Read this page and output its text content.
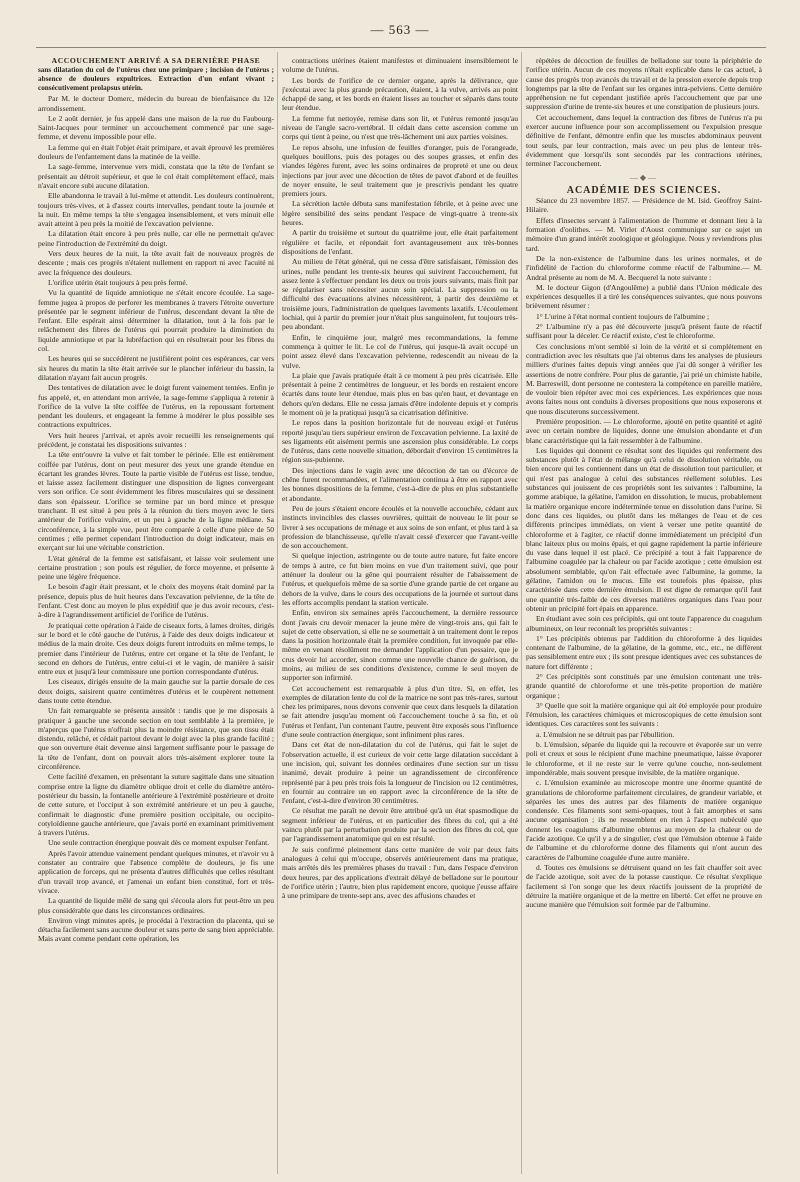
— 563 —

ACCOUCHEMENT ARRIVÉ A SA DERNIÈRE PHASE

sans dilatation du col de l'utérus chez une primipare ; incision de l'utérus ; absence de douleurs expultrices. Extraction d'un enfant vivant ; consécutivement prolapsus utérin.

Par M. le docteur Domerc, médecin du bureau de bienfaisance du 12e arrondissement.

Le 2 août dernier, je fus appelé dans une maison de la rue du Faubourg-Saint-Jacques pour terminer un accouchement commencé par une sage-femme, et devenu impossible pour elle.

La femme qui en était l'objet était primipare, et avait éprouvé les premières douleurs de l'enfantement dans la matinée de la veille.

La sage-femme, intervenue vers midi, constata que la tête de l'enfant se présentait au détroit supérieur, et que le col était complètement effacé, mais n'avait encore subi aucune dilatation.

Elle abandonna le travail à lui-même et attendit. Les douleurs continuèrent, toujours très-vives, et à d'assez courts intervalles, pendant toute la journée et la nuit. En même temps la tête s'engagea insensiblement, et vers minuit elle avait atteint à peu près la moitié de l'excavation pelvienne.

La dilatation était encore à peu près nulle, car elle ne permettait qu'avec peine l'introduction de l'extrémité du doigt.

Vers deux heures de la nuit, la tête avait fait de nouveaux progrès de descente ; mais ces progrès n'étaient nullement en rapport ni avec l'acuité ni avec la fréquence des douleurs.

L'orifice utérin était toujours à peu près fermé.

Vu la quantité de liquide amniotique ne s'était encore écoulée. La sage-femme jugea à propos de perforer les membranes à travers l'étroite ouverture présentée par le segment inférieur de l'utérus, descendant devant la tête de l'enfant. Elle espérait ainsi déterminer la dilatation, tout à la fois par le relâchement des fibres de l'utérus qui pourrait produire la diminution du liquide amniotique et par la lubréfaction qui en résulterait pour les fibres du col.

Les heures qui se succédèrent ne justifièrent point ces espérances, car vers six heures du matin la tête était arrivée sur le plancher inférieur du bassin, la dilatation n'ayant fait aucun progrès.

Des tentatives de dilatation avec le doigt furent vainement tentées. Enfin je fus appelé, et, en attendant mon arrivée, la sage-femme s'appliqua à retenir à l'orifice de la vulve la tête coiffée de l'utérus, en la repoussant fortement pendant les douleurs, et engageant la femme à modérer le plus possible ses contractions expultrices.

Vers huit heures j'arrivai, et après avoir recueilli les renseignements qui précèdent, je constatai les dispositions suivantes :

La tête entr'ouvre la vulve et fait tomber le périnée. Elle est entièrement coiffée par l'utérus, dont on peut mesurer des yeux une grande étendue en écartant les grandes lèvres. Toute la partie visible de l'utérus est lisse, tendue, et laisse assez facilement distinguer une disposition de lignes convergeant vers son orifice. Ce sont évidemment les fibres musculaires qui se dessinent dans son épaisseur. L'orifice se termine par un bord mince et presque tranchant. Il est situé à peu près à la réunion du tiers moyen avec le tiers antérieur de l'orifice vulvaire, et un peu à gauche de la ligne médiane. Sa circonférence, à la simple vue, peut être comparée à celle d'une pièce de 50 centimes ; elle permet cependant l'introduction du doigt indicateur, mais en exerçant sur lui une véritable constriction.

L'état général de la femme est satisfaisant, et laisse voir seulement une certaine prostration ; son pouls est régulier, de force moyenne, et présente à peine une légère fréquence.

Le besoin d'agir était pressant, et le choix des moyens était dominé par la présence, depuis plus de huit heures dans l'excavation pelvienne, de la tête de l'enfant. C'est donc au moyen le plus expéditif que je dus avoir recours, c'est-à-dire à l'agrandissement artificiel de l'orifice de l'utérus.

Je pratiquai cette opération à l'aide de ciseaux forts, à lames droites, dirigés sur le bord et le côté gauche de l'utérus, à l'aide des deux doigts indicateur et médius de la main droite. Ces deux doigts furent introduits en même temps, le premier dans l'intérieur de l'utérus, entre cet organe et la tête de l'enfant, le second en dehors de l'utérus, entre celui-ci et le vagin, de manière à saisir entre eux et jusqu'à leur commissure une portion correspondante d'utérus.

Les ciseaux, dirigés ensuite de la main gauche sur la partie dorsale de ces deux doigts, saisirent quatre centimètres d'utérus et le coupèrent nettement dans toute cette étendue.

Un fait remarquable se présenta aussitôt : tandis que je me disposais à pratiquer à gauche une seconde section en tout semblable à la première, je m'aperçus que l'utérus n'offrait plus la moindre résistance, que son tissu était distendu, relâché, et cédait partout devant le doigt avec la plus grande facilité ; que son ouverture était devenue ainsi largement suffisante pour le passage de la tête de l'enfant, dont on pouvait alors très-aisément explorer toute la circonférence.

Cette facilité d'examen, en présentant la suture sagittale dans une situation comprise entre la ligne du diamètre oblique droit et celle du diamètre antéro-postérieur du bassin, la fontanelle antérieure à l'extrémité postérieure et droite de cette suture, et l'occiput à son extrémité antérieure et un peu à gauche, confirmait le diagnostic d'une première position occipitale, ou occipito-cotyloïdienne gauche antérieure, que j'avais porté en examinant primitivement à travers l'utérus.

Une seule contraction énergique pouvait dès ce moment expulser l'enfant.

Après l'avoir attendue vainement pendant quelques minutes, et n'avoir vu à constater au contraire que l'absence complète de douleurs, je fis une application de forceps, qui ne présenta d'autres difficultés que celles résultant d'un travail trop avancé, et j'amenai un enfant bien constitué, fort et très-vivace.

La quantité de liquide mêlé de sang qui s'écoula alors fut peut-être un peu plus considérable que dans les circonstances ordinaires.

Environ vingt minutes après, je procédai à l'extraction du placenta, qui se détacha facilement sans aucune douleur et sans perte de sang bien appréciable. Mais avant comme pendant cette opération, les

contractions utérines étaient manifestes et diminuaient insensiblement le volume de l'utérus.

Les bords de l'orifice de ce dernier organe, après la délivrance, que j'exécutai avec la plus grande précaution, étaient, à la vulve, arrivés au point échappé de sang, et les bords en étaient lisses au toucher et séparés dans toute leur étendue.

La femme fut nettoyée, remise dans son lit, et l'utérus remonté jusqu'au niveau de l'angle sacro-vertébral. Il cédait dans cette ascension comme un corps qui tient à peine, ou n'est que très-lâchement uni aux parties voisines.

Le repos absolu, une infusion de feuilles d'oranger, puis de l'orangeade, quelques bouillons, puis des potages ou des soupes grasses, et enfin des viandes légères furent, avec les soins ordinaires de propreté et une ou deux injections par jour avec une décoction de têtes de pavot d'abord et de feuilles de noyer ensuite, le seul traitement que je prescrivis pendant les quatre premiers jours.

La sécrétion lactée débuta sans manifestation fébrile, et à peine avec une légère sensibilité des seins pendant l'espace de vingt-quatre à trente-six heures.

A partir du troisième et surtout du quatrième jour, elle était parfaitement régulière et facile, et répondait fort avantageusement aux très-bonnes dispositions de l'enfant.

Au milieu de l'état général, qui ne cessa d'être satisfaisant, l'émission des urines, nulle pendant les trente-six heures qui suivirent l'accouchement, fut assez lente à s'effectuer pendant les deux ou trois jours suivants, mais finit par se régulariser sans nécessiter aucun soin spécial. La suppression ou la difficulté des évacuations alvines nécessitèrent, à partir des deuxième et troisième jours, l'administration de quelques lavements laxatifs. L'écoulement lochial, qui à partir du premier jour n'était plus sanguinolent, fut toujours très-peu abondant.

Enfin, le cinquième jour, malgré mes recommandations, la femme commença à quitter le lit. Le col de l'utérus, qui jusque-là avait occupé un point assez élevé dans l'excavation pelvienne, redescendit au niveau de la vulve.

La plaie que j'avais pratiquée était à ce moment à peu près cicatrisée. Elle présentait à peine 2 centimètres de longueur, et les bords en restaient encore écartés dans toute leur étendue, mais plus en bas qu'en haut, et devantage en dehors qu'en dedans. Elle ne cessa jamais d'être indolente depuis et y compris le moment où je la pratiquai jusqu'à sa cicatrisation définitive.

Le repos dans la position horizontale fut de nouveau exigé et l'utérus reporté jusqu'au tiers supérieur environ de l'excavation pelvienne. La laxité de ses ligaments eût aisément permis une ascension plus considérable. Le corps de l'utérus, dans cette nouvelle situation, débordait d'environ 15 centimètres la région sus-pubienne.

Des injections dans le vagin avec une décoction de tan ou d'écorce de chêne furent recommandées, et l'alimentation continua à être en rapport avec les bonnes dispositions de la femme, c'est-à-dire de plus en plus substantielle et abondante.

Peu de jours s'étaient encore écoulés et la nouvelle accouchée, cédant aux instincts invincibles des classes ouvrières, quittait de nouveau le lit pour se livrer à ses occupations de ménage et aux soins de son enfant, et plus tard à sa profession de blanchisseuse, qu'elle n'avait cessé d'exercer que l'avant-veille de son accouchement.

Si quelque injection, astringente ou de toute autre nature, fut faite encore de temps à autre, ce fut bien moins en vue d'un traitement suivi, que pour atténuer la douleur ou la gêne qui pourraient résulter de l'abaissement de l'utérus, et quelquefois même de sa sortie d'une grande partie de cet organe au dehors de la vulve, dans le cours des occupations de la journée et surtout dans les efforts accomplis pendant la station verticale.

Enfin, environ six semaines après l'accouchement, la dernière ressource dont j'avais cru devoir menacer la jeune mère de vingt-trois ans, qui fait le sujet de cette observation, si elle ne se soumettait à un traitement dont le repos dans la position horizontale était la première condition, fut invoquée par elle-même en venant résolûment me demander l'application d'un pessaire, que je crus devoir lui accorder, sinon comme une nouvelle chance de guérison, du moins, au milieu de ses conditions d'existence, comme le seul moyen de supporter son infirmité.

Cet accouchement est remarquable à plus d'un titre. Si, en effet, les exemples de dilatation lente du col de la matrice ne sont pas très-rares, surtout chez les primipares, nous devons convenir que ceux dans lesquels la dilatation se fait attendre jusqu'au moment où l'accouchement touche à sa fin, et où l'utérus et l'enfant, l'un contenant l'autre, peuvent être exposés sous l'influence d'une seule contraction énergique, sont infiniment plus rares.

Dans cet état de non-dilatation du col de l'utérus, qui fait le sujet de l'observation actuelle, il est curieux de voir cette large dilatation succédant à une incision, qui, suivant les données ordinaires d'une section sur un tissu inanimé, devait produire à peine un agrandissement de circonférence représenté par à peu près trois fois la longueur de l'incision ou 12 centimètres, en fournir au contraire un en rapport avec la circonférence de la tête de l'enfant, c'est-à-dire d'environ 30 centimètres.

Ce résultat me paraît ne devoir être attribué qu'à un état spasmodique du segment inférieur de l'utérus, et en particulier des fibres du col, qui a été vaincu plutôt par la perturbation produite par la section des fibres du col, que par l'agrandissement anatomique qui en est résulté.

Je suis confirmé pleinement dans cette manière de voir par deux faits analogues à celui qui m'occupe, observés antérieurement dans ma pratique, mais arrêtés dès les premières phases du travail : l'un, dans l'espace d'environ deux heures, par des applications d'extrait délayé de belladone sur le pourtour de l'orifice utérin ; l'autre, bien plus rapidement encore, quoique j'eusse affaire à une primipare de trente-sept ans, avec des affusions chaudes et

répétées de décoction de feuilles de belladone sur toute la périphérie de l'orifice utérin. Aucun de ces moyens n'était explicable dans le cas actuel, à cause des progrès trop avancés du travail et de la pression exercée depuis trop longtemps par la tête de l'enfant sur les organes intra-pelviens. Cette dernière appréhension ne fut cependant justifiée après l'accouchement que par une suppression d'urine de trente-six heures et une constipation de plusieurs jours.

Cet accouchement, dans lequel la contraction des fibres de l'utérus n'a pu exercer aucune influence pour son accomplissement ou l'expulsion presque définitive de l'enfant, démontre enfin que les muscles abdominaux peuvent tout seuls, par leur contraction, mais avec un peu plus de lenteur très-évidemment que lorsqu'ils sont secondés par les contractions utérines, terminer l'accouchement.

—◆—

ACADÉMIE DES SCIENCES.

Séance du 23 novembre 1857. — Présidence de M. Isid. Geoffroy Saint-Hilaire.

Effets d'insectes servant à l'alimentation de l'homme et donnant lieu à la formation d'oolithes. — M. Virlet d'Aoust communique sur ce sujet un mémoire d'un grand intérêt zoologique et géologique. Nous y reviendrons plus tard.

De la non-existence de l'albumine dans les urines normales, et de l'infidélité de l'action du chloroforme comme réactif de l'albumine.— M. Andral présente au nom de M. A. Becquerel la note suivante :

M. le docteur Gigon (d'Angoulême) a publié dans l'Union médicale des expériences desquelles il a tiré les conséquences suivantes, que nous pouvons brièvement résumer :

1° L'urine à l'état normal contient toujours de l'albumine ;

2° L'albumine n'y a pas été découverte jusqu'à présent faute de réactif suffisant pour la déceler. Ce réactif existe, c'est le chloroforme.

Ces conclusions m'ont semblé si loin de la vérité et si complétement en contradiction avec les résultats que j'ai obtenus dans les analyses de plusieurs milliers d'urines faites depuis vingt années que j'ai dû songer à vérifier les assertions de notre confrère. Pour plus de garantie, j'ai prié un chimiste habile, M. Barreswill, dont personne ne contestera la compétence en pareille matière, de vouloir bien répéter avec moi ces expériences. Les expériences que nous avons faites nous ont conduits à diverses propositions que nous exposerons et que nous discuterons successivement.

Première proposition. — Le chloroforme, ajouté en petite quantité et agité avec un certain nombre de liquides, donne une émulsion abondante et d'un blanc caractéristique qui la fait ressembler à de l'albumine.

Les liquides qui donnent ce résultat sont des liquides qui renferment des substances plutôt à l'état de mélange qu'à celui de dissolution véritable, ou bien encore qui les contiennent dans un état de dissolution tout particulier, et qui n'est pas analogue à celui des substances réellement solubles. Les substances qui jouissent de ces propriétés sont les suivantes : l'albumine, la gomme arabique, la gélatine, l'amidon en dissolution, le mucus, probablement la matière organique encore indéterminée tenue en dissolution dans l'urine. Si donc dans ces liquides, ou plutôt dans les mélanges de l'eau et de ces différents principes immédiats, on vient à verser une petite quantité de chloroforme et à l'agiter, ce réactif donne immédiatement un précipité d'un blanc laiteux plus ou moins épais, et qui gagne rapidement la partie inférieure du vase dans lequel il est placé. Ce précipité a tout à fait l'apparence de l'albumine coagulée par la chaleur ou par l'acide azotique ; cette émulsion est absolument semblable, qu'on l'ait effectuée avec l'albumine, la gomme, la gélatine, l'amidon ou le mucus. Elle est toutefois plus épaisse, plus caractérisée dans cette dernière émulsion. Il est digne de remarque qu'il faut une quantité très-faible de ces diverses matières organiques dans l'eau pour obtenir un précipité fort épais en apparence.

En étudiant avec soin ces précipités, qui ont toute l'apparence du coagulum albumineux, on leur reconnaît les propriétés suivantes :

1° Les précipités obtenus par l'addition du chloroforme à des liquides contenant de l'albumine, de la gélatine, de la gomme, etc., etc., ne diffèrent pas sensiblement entre eux ; ils sont presque identiques avec ces substances de nature fort différente ;

2° Ces précipités sont constitués par une émulsion contenant une très-grande quantité de chloroforme et une très-petite proportion de matière organique ;

3° Quelle que soit la matière organique qui ait été employée pour produire l'émulsion, les caractères chimiques et microscopiques de cette émulsion sont identiques. Ces caractères sont les suivants :

a. L'émulsion ne se détruit pas par l'ébullition.

b. L'émulsion, séparée du liquide qui la recouvre et évaporée sur un verre poli et creux et sous le récipient d'une machine pneumatique, laisse évaporer le chloroforme, et il ne reste sur le verre qu'une couche, non-seulement impondérable, mais souvent presque invisible, de la matière organique.

c. L'émulsion examinée au microscope montre une énorme quantité de granulations de chloroforme parfaitement circulaires, de grandeur variable, et séparées les unes des autres par des filaments de matière organique condensée. Ces filaments sont semi-opaques, tout à fait amorphes et sans aucune organisation ; ils ne ressemblent en rien à l'aspect nubéculé que donnent les coagulums d'albumine obtenus au moyen de la chaleur ou de l'acide azotique. Ce qu'il y a de singulier, c'est que l'émulsion obtenue à l'aide de l'albumine et du chloroforme donne des filaments qui n'ont aucun des caractères de l'albumine coagulée d'une autre manière.

d. Toutes ces émulsions se détruisent quand on les fait chauffer soit avec de l'acide azotique, soit avec de la potasse caustique. Ce résultat s'explique facilement si l'on songe que les deux réactifs jouissent de la propriété de détruire la matière organique et de la mettre en liberté. Cet effet ne prouve en aucune manière que l'émulsion soit formée par de l'albumine.
